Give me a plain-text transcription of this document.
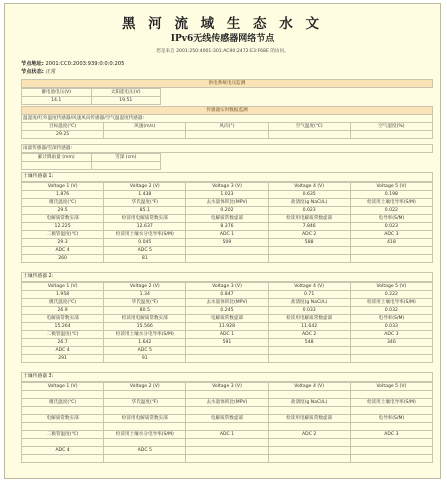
黑 河 流 域 生 态 水 文
IPv6无线传感器网络节点
您是来自 2001:250:4001:301:AC90:2472:E3:F68E 的访问。
节点地址: 2001:CC0:2003:939:0:0:0:205
节点状态: 正常
供电系统电压监测
蓄电池电压(V)	太阳能电压(V)
14.1	19.51
传感器实时数据监测				
温湿度/红外温度传感器/风速风向传感器/空气温湿度传感器:				
目标温度(℃)	风速(m/s)	风向(°)	空气温度(℃)	空气湿度(%)
29.25				
雨量传感器/雪深传感器:
累计降雨量 (mm)	雪深 (cm)

土壤传感器 1:
Voltage 1 (V)	Voltage 2 (V)	Voltage 3 (V)	Voltage 4 (V)	Voltage 5 (V)
1.876	1.438	1.023	0.635	0.198
摄氏温度(℃)	华氏温度(℉)	去水量体积比(MPV)	盐渍度(g NaCl/L)	检读用土壤电导率(S/M)
29.5	85.1	0.202	0.023	0.022
电解质常数实部	检读用电解质常数实部	电解质常数虚部	检读用电解质常数虚部	电导率(S/M)
12.225	12.637	8.376	7.846	0.023
二极管温度(℃)	检读用土壤水分电导率(S/M)	ADC 1	ADC 2	ADC 3
29.3	0.045	509	588	418
ADC 4	ADC 5			
260	81			
土壤传感器 2:
Voltage 1 (V)	Voltage 2 (V)	Voltage 3 (V)	Voltage 4 (V)	Voltage 5 (V)
1.958	1.34	0.847	0.71	0.222
摄氏温度(℃)	华氏温度(℉)	去水量体积比(MPV)	盐渍度(g NaCl/L)	检读用土壤电导率(S/M)
26.9	80.5	0.245	0.033	0.032
电解质常数实部	检读用电解质常数实部	电解质常数虚部	检读用电解质常数虚部	电导率(S/M)
15.264	15.566	11.928	11.642	0.033
二极管温度(℃)	检读用土壤水分电导率(S/M)	ADC 1	ADC 2	ADC 3
26.7	1.642	591	548	346
ADC 4	ADC 5			
291	91			
土壤传感器 3:
Voltage 1 (V)	Voltage 2 (V)	Voltage 3 (V)	Voltage 4 (V)	Voltage 5 (V)

摄氏温度(℃)	华氏温度(℉)	去水量体积比(MPV)	盐渍度(g NaCl/L)	检读用土壤电导率(S/M)

电解质常数实部	检读用电解质常数实部	电解质常数虚部	检读用电解质常数虚部	电导率(S/M)

二极管温度(℃)	检读用土壤水分电导率(S/M)	ADC 1	ADC 2	ADC 3

ADC 4	ADC 5			
